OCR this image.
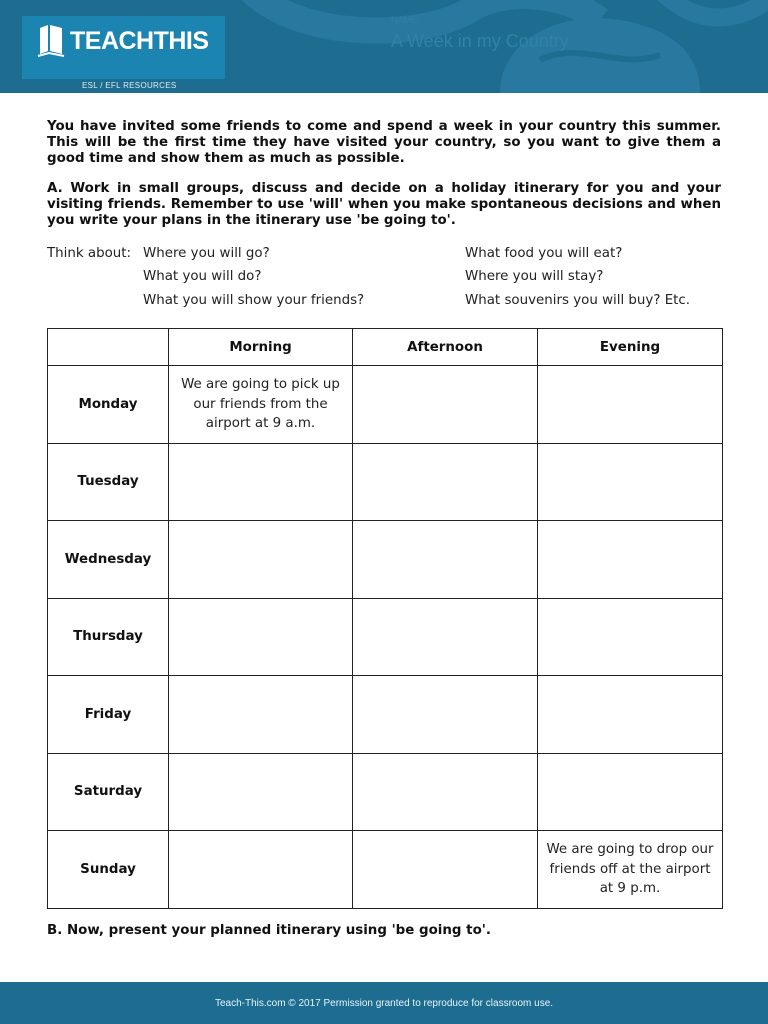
TEACHTHIS
ESL / EFL RESOURCES
NAME:
A Week in my Country

You have invited some friends to come and spend a week in your country this summer. This will be the first time they have visited your country, so you want to give them a good time and show them as much as possible.

A. Work in small groups, discuss and decide on a holiday itinerary for you and your visiting friends. Remember to use 'will' when you make spontaneous decisions and when you write your plans in the itinerary use 'be going to'.

Think about: Where you will go?
What you will do?
What you will show your friends?
What food you will eat?
Where you will stay?
What souvenirs you will buy? Etc.
	Morning	Afternoon	Evening
Monday	We are going to pick up our friends from the airport at 9 a.m.		
Tuesday			
Wednesday			
Thursday			
Friday			
Saturday			
Sunday			We are going to drop our friends off at the airport at 9 p.m.
B. Now, present your planned itinerary using 'be going to'.
Teach-This.com © 2017 Permission granted to reproduce for classroom use.
